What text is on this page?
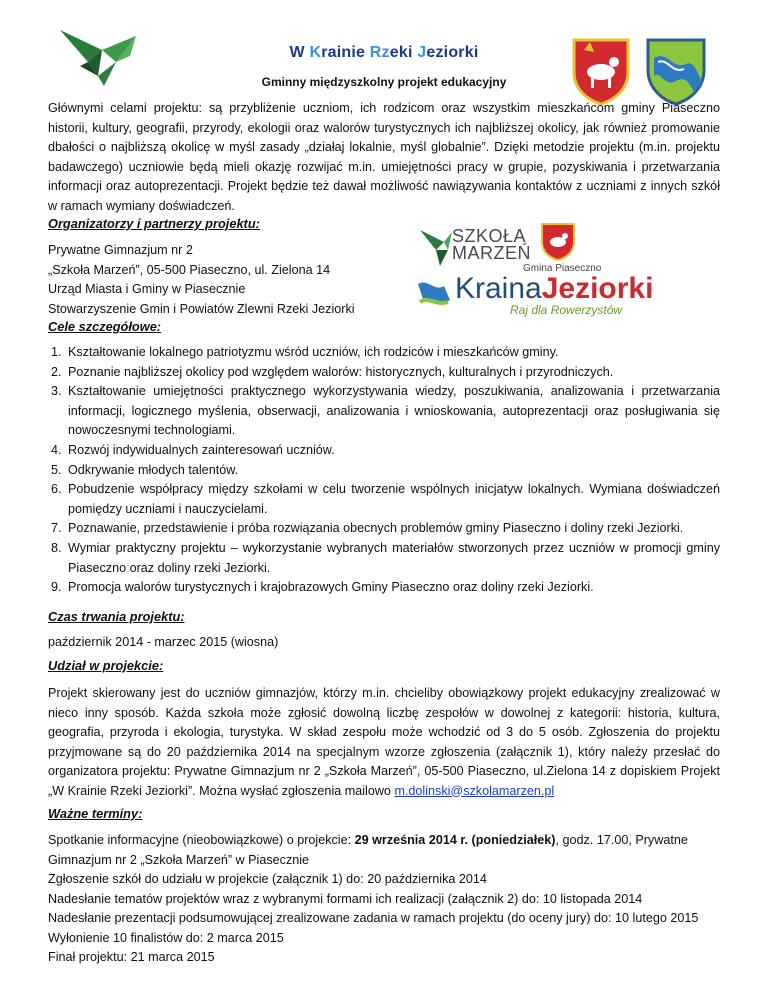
W Krainie Rzeki Jeziorki
Gminny międzyszkolny projekt edukacyjny
Głównymi celami projektu: są przybliżenie uczniom, ich rodzicom oraz wszystkim mieszkańcom gminy Piaseczno historii, kultury, geografii, przyrody, ekologii oraz walorów turystycznych ich najbliższej okolicy, jak również promowanie dbałości o najbliższą okolicę w myśl zasady „działaj lokalnie, myśl globalnie”. Dzięki metodzie projektu (m.in. projektu badawczego) uczniowie będą mieli okazję rozwijać m.in. umiejętności pracy w grupie, pozyskiwania i przetwarzania informacji oraz autoprezentacji. Projekt będzie też dawał możliwość nawiązywania kontaktów z uczniami z innych szkół w ramach wymiany doświadczeń.
Organizatorzy i partnerzy projektu:
Prywatne Gimnazjum nr 2
„Szkoła Marzeń”, 05-500 Piaseczno, ul. Zielona 14
Urząd Miasta i Gminy w Piasecznie
Stowarzyszenie Gmin i Powiatów Zlewni Rzeki Jeziorki
SZKOŁA
MARZEŃ
Gmina Piaseczno
KrainaJeziorki
Raj dla Rowerzystów
Cele szczegółowe:
1. Kształtowanie lokalnego patriotyzmu wśród uczniów, ich rodziców i mieszkańców gminy.
2. Poznanie najbliższej okolicy pod względem walorów: historycznych, kulturalnych i przyrodniczych.
3. Kształtowanie umiejętności praktycznego wykorzystywania wiedzy, poszukiwania, analizowania i przetwarzania informacji, logicznego myślenia, obserwacji, analizowania i wnioskowania, autoprezentacji oraz posługiwania się nowoczesnymi technologiami.
4. Rozwój indywidualnych zainteresowań uczniów.
5. Odkrywanie młodych talentów.
6. Pobudzenie współpracy między szkołami w celu tworzenie wspólnych inicjatyw lokalnych. Wymiana doświadczeń pomiędzy uczniami i nauczycielami.
7. Poznawanie, przedstawienie i próba rozwiązania obecnych problemów gminy Piaseczno i doliny rzeki Jeziorki.
8. Wymiar praktyczny projektu – wykorzystanie wybranych materiałów stworzonych przez uczniów w promocji gminy Piaseczno oraz doliny rzeki Jeziorki.
9. Promocja walorów turystycznych i krajobrazowych Gminy Piaseczno oraz doliny rzeki Jeziorki.
Czas trwania projektu:
październik 2014 - marzec 2015 (wiosna)
Udział w projekcie:
Projekt skierowany jest do uczniów gimnazjów, którzy m.in. chcieliby obowiązkowy projekt edukacyjny zrealizować w nieco inny sposób. Każda szkoła może zgłosić dowolną liczbę zespołów w dowolnej z kategorii: historia, kultura, geografia, przyroda i ekologia, turystyka. W skład zespołu może wchodzić od 3 do 5 osób. Zgłoszenia do projektu przyjmowane są do 20 października 2014 na specjalnym wzorze zgłoszenia (załącznik 1), który należy przesłać do organizatora projektu: Prywatne Gimnazjum nr 2 „Szkoła Marzeń”, 05-500 Piaseczno, ul.Zielona 14 z dopiskiem Projekt „W Krainie Rzeki Jeziorki”. Można wysłać zgłoszenia mailowo m.dolinski@szkolamarzen.pl
Ważne terminy:
Spotkanie informacyjne (nieobowiązkowe) o projekcie: 29 września 2014 r. (poniedziałek), godz. 17.00, Prywatne Gimnazjum nr 2 „Szkoła Marzeń” w Piasecznie
Zgłoszenie szkół do udziału w projekcie (załącznik 1) do: 20 października 2014
Nadesłanie tematów projektów wraz z wybranymi formami ich realizacji (załącznik 2) do: 10 listopada 2014
Nadesłanie prezentacji podsumowującej zrealizowane zadania w ramach projektu (do oceny jury) do: 10 lutego 2015
Wyłonienie 10 finalistów do: 2 marca 2015
Finał projektu: 21 marca 2015
